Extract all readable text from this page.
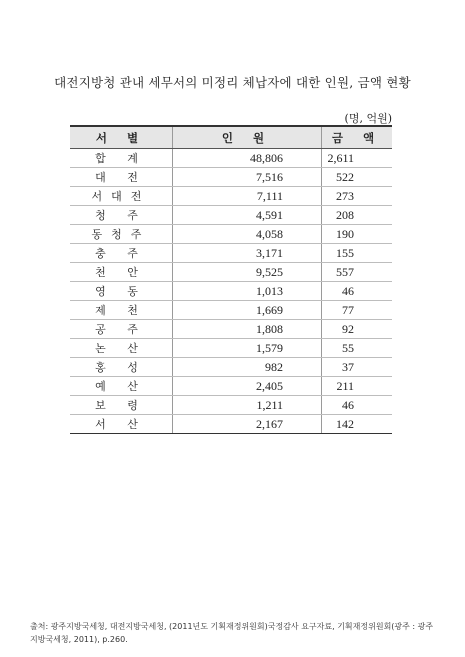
대전지방청 관내 세무서의 미정리 체납자에 대한 인원, 금액 현황
(명, 억원)
서 별	인 원	금 액
합 계	48,806	2,611
대 전	7,516	522
서대전	7,111	273
청 주	4,591	208
동청주	4,058	190
충 주	3,171	155
천 안	9,525	557
영 동	1,013	46
제 천	1,669	77
공 주	1,808	92
논 산	1,579	55
홍 성	982	37
예 산	2,405	211
보 령	1,211	46
서 산	2,167	142
출처: 광주지방국세청, 대전지방국세청, (2011년도 기획재정위원회)국정감사 요구자료, 기획재정위원회(광주 : 광주지방국세청, 2011), p.260.
